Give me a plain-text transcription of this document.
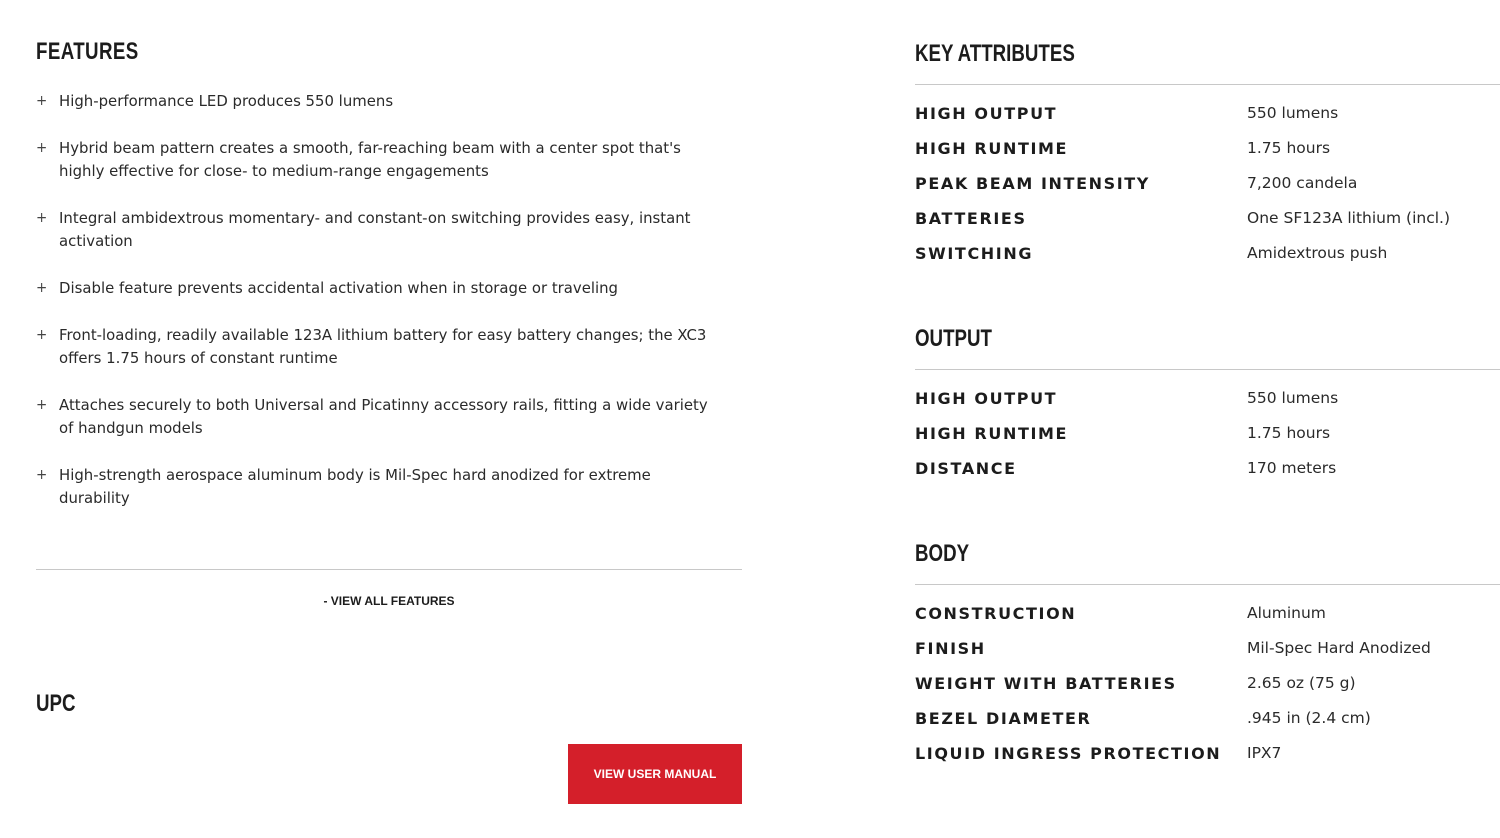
FEATURES
+ High-performance LED produces 550 lumens
+ Hybrid beam pattern creates a smooth, far-reaching beam with a center spot that's highly effective for close- to medium-range engagements
+ Integral ambidextrous momentary- and constant-on switching provides easy, instant activation
+ Disable feature prevents accidental activation when in storage or traveling
+ Front-loading, readily available 123A lithium battery for easy battery changes; the XC3 offers 1.75 hours of constant runtime
+ Attaches securely to both Universal and Picatinny accessory rails, fitting a wide variety of handgun models
+ High-strength aerospace aluminum body is Mil-Spec hard anodized for extreme durability
- VIEW ALL FEATURES
UPC
VIEW USER MANUAL
KEY ATTRIBUTES
HIGH OUTPUT	550 lumens
HIGH RUNTIME	1.75 hours
PEAK BEAM INTENSITY	7,200 candela
BATTERIES	One SF123A lithium (incl.)
SWITCHING	Amidextrous push
OUTPUT
HIGH OUTPUT	550 lumens
HIGH RUNTIME	1.75 hours
DISTANCE	170 meters
BODY
CONSTRUCTION	Aluminum
FINISH	Mil-Spec Hard Anodized
WEIGHT WITH BATTERIES	2.65 oz (75 g)
BEZEL DIAMETER	.945 in (2.4 cm)
LIQUID INGRESS PROTECTION IPX7
